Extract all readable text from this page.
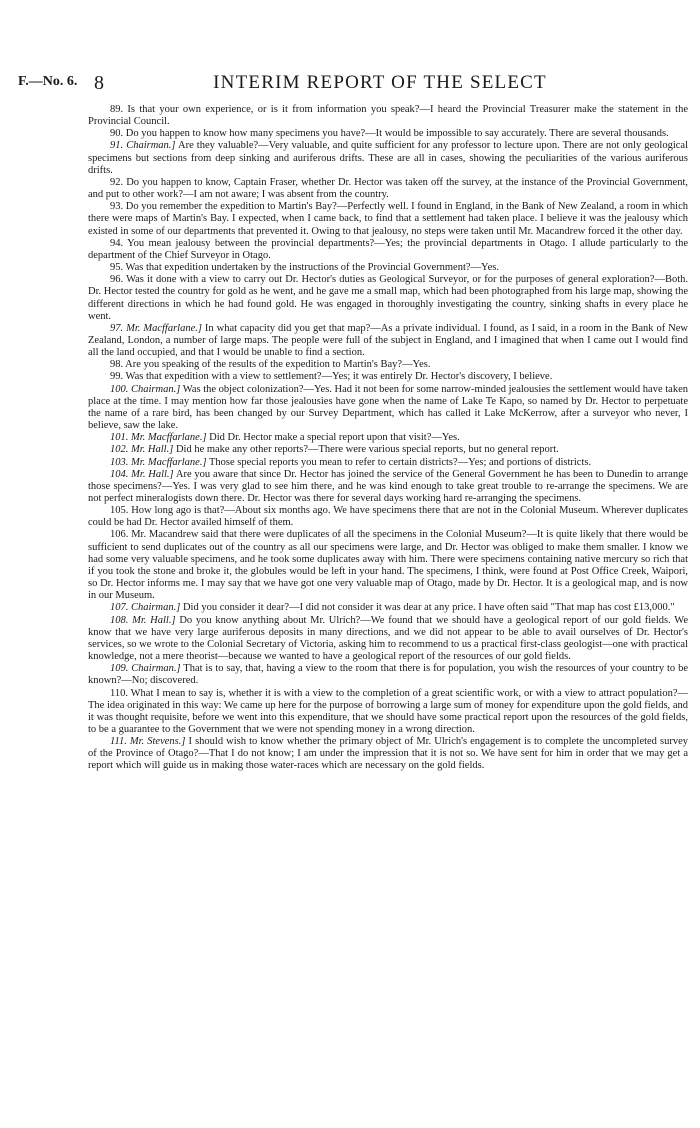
F.—No. 6. 8	INTERIM REPORT OF THE SELECT

89. Is that your own experience, or is it from information you speak?—I heard the Provincial Treasurer make the statement in the Provincial Council.

90. Do you happen to know how many specimens you have?—It would be impossible to say accurately. There are several thousands.

91. Chairman.] Are they valuable?—Very valuable, and quite sufficient for any professor to lecture upon. There are not only geological specimens but sections from deep sinking and auriferous drifts. These are all in cases, showing the peculiarities of the various auriferous drifts.

92. Do you happen to know, Captain Fraser, whether Dr. Hector was taken off the survey, at the instance of the Provincial Government, and put to other work?—I am not aware; I was absent from the country.

93. Do you remember the expedition to Martin's Bay?—Perfectly well. I found in England, in the Bank of New Zealand, a room in which there were maps of Martin's Bay. I expected, when I came back, to find that a settlement had taken place. I believe it was the jealousy which existed in some of our departments that prevented it. Owing to that jealousy, no steps were taken until Mr. Macandrew forced it the other day.

94. You mean jealousy between the provincial departments?—Yes; the provincial departments in Otago. I allude particularly to the department of the Chief Surveyor in Otago.

95. Was that expedition undertaken by the instructions of the Provincial Government?—Yes.

96. Was it done with a view to carry out Dr. Hector's duties as Geological Surveyor, or for the purposes of general exploration?—Both. Dr. Hector tested the country for gold as he went, and he gave me a small map, which had been photographed from his large map, showing the different directions in which he had found gold. He was engaged in thoroughly investigating the country, sinking shafts in every place he went.

97. Mr. Macffarlane.] In what capacity did you get that map?—As a private individual. I found, as I said, in a room in the Bank of New Zealand, London, a number of large maps. The people were full of the subject in England, and I imagined that when I came out I would find all the land occupied, and that I would be unable to find a section.

98. Are you speaking of the results of the expedition to Martin's Bay?—Yes.

99. Was that expedition with a view to settlement?—Yes; it was entirely Dr. Hector's discovery, I believe.

100. Chairman.] Was the object colonization?—Yes. Had it not been for some narrow-minded jealousies the settlement would have taken place at the time. I may mention how far those jealousies have gone when the name of Lake Te Kapo, so named by Dr. Hector to perpetuate the name of a rare bird, has been changed by our Survey Department, which has called it Lake McKerrow, after a surveyor who never, I believe, saw the lake.

101. Mr. Macffarlane.] Did Dr. Hector make a special report upon that visit?—Yes.

102. Mr. Hall.] Did he make any other reports?—There were various special reports, but no general report.

103. Mr. Macffarlane.] Those special reports you mean to refer to certain districts?—Yes; and portions of districts.

104. Mr. Hall.] Are you aware that since Dr. Hector has joined the service of the General Government he has been to Dunedin to arrange those specimens?—Yes. I was very glad to see him there, and he was kind enough to take great trouble to re-arrange the specimens. We are not perfect mineralogists down there. Dr. Hector was there for several days working hard re-arranging the specimens.

105. How long ago is that?—About six months ago. We have specimens there that are not in the Colonial Museum. Wherever duplicates could be had Dr. Hector availed himself of them.

106. Mr. Macandrew said that there were duplicates of all the specimens in the Colonial Museum?—It is quite likely that there would be sufficient to send duplicates out of the country as all our specimens were large, and Dr. Hector was obliged to make them smaller. I know we had some very valuable specimens, and he took some duplicates away with him. There were specimens containing native mercury so rich that if you took the stone and broke it, the globules would be left in your hand. The specimens, I think, were found at Post Office Creek, Waipori, so Dr. Hector informs me. I may say that we have got one very valuable map of Otago, made by Dr. Hector. It is a geological map, and is now in our Museum.

107. Chairman.] Did you consider it dear?—I did not consider it was dear at any price. I have often said "That map has cost £13,000."

108. Mr. Hall.] Do you know anything about Mr. Ulrich?—We found that we should have a geological report of our gold fields. We know that we have very large auriferous deposits in many directions, and we did not appear to be able to avail ourselves of Dr. Hector's services, so we wrote to the Colonial Secretary of Victoria, asking him to recommend to us a practical first-class geologist—one with practical knowledge, not a mere theorist—because we wanted to have a geological report of the resources of our gold fields.

109. Chairman.] That is to say, that, having a view to the room that there is for population, you wish the resources of your country to be known?—No; discovered.

110. What I mean to say is, whether it is with a view to the completion of a great scientific work, or with a view to attract population?—The idea originated in this way: We came up here for the purpose of borrowing a large sum of money for expenditure upon the gold fields, and it was thought requisite, before we went into this expenditure, that we should have some practical report upon the resources of the gold fields, to be a guarantee to the Government that we were not spending money in a wrong direction.

111. Mr. Stevens.] I should wish to know whether the primary object of Mr. Ulrich's engagement is to complete the uncompleted survey of the Province of Otago?—That I do not know; I am under the impression that it is not so. We have sent for him in order that we may get a report which will guide us in making those water-races which are necessary on the gold fields.
